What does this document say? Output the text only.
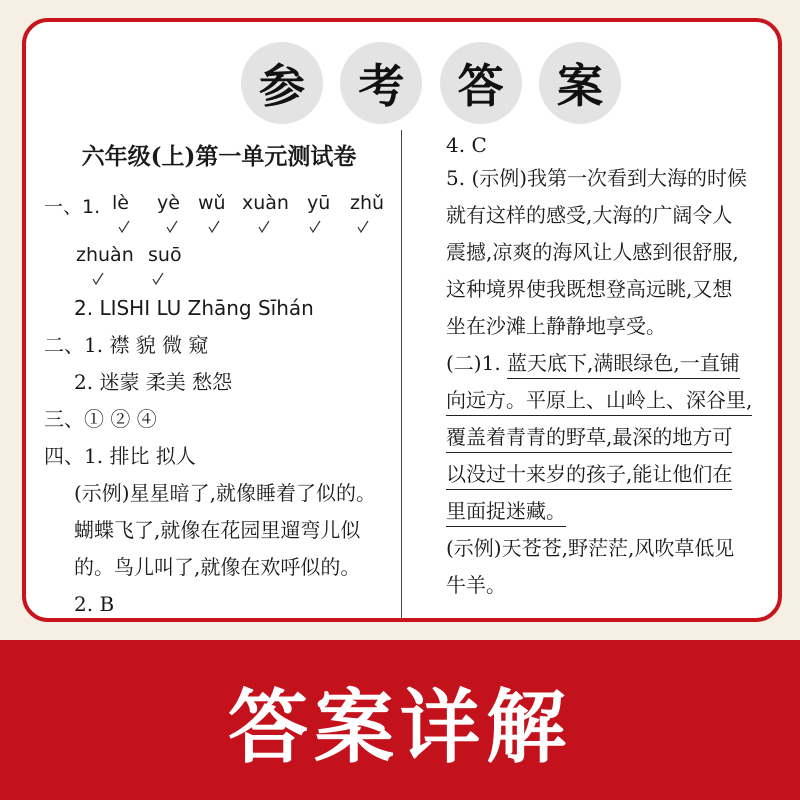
参	考	答	案
六年级(上)第一单元测试卷
一、1. lè yè wǔ xuàn yū zhǔ
zhuàn suō
2. LISHI LU Zhāng Sīhán
二、1. 襟 貌 微 窥
2. 迷蒙 柔美 愁怨
三、① ② ④
四、1. 排比 拟人
(示例)星星暗了,就像睡着了似的。
蝴蝶飞了,就像在花园里遛弯儿似
的。鸟儿叫了,就像在欢呼似的。
2. B
4. C
5. (示例)我第一次看到大海的时候
就有这样的感受,大海的广阔令人
震撼,凉爽的海风让人感到很舒服,
这种境界使我既想登高远眺,又想
坐在沙滩上静静地享受。
(二)1. 蓝天底下,满眼绿色,一直铺
向远方。平原上、山岭上、深谷里,
覆盖着青青的野草,最深的地方可
以没过十来岁的孩子,能让他们在
里面捉迷藏。
(示例)天苍苍,野茫茫,风吹草低见
牛羊。
答案详解
